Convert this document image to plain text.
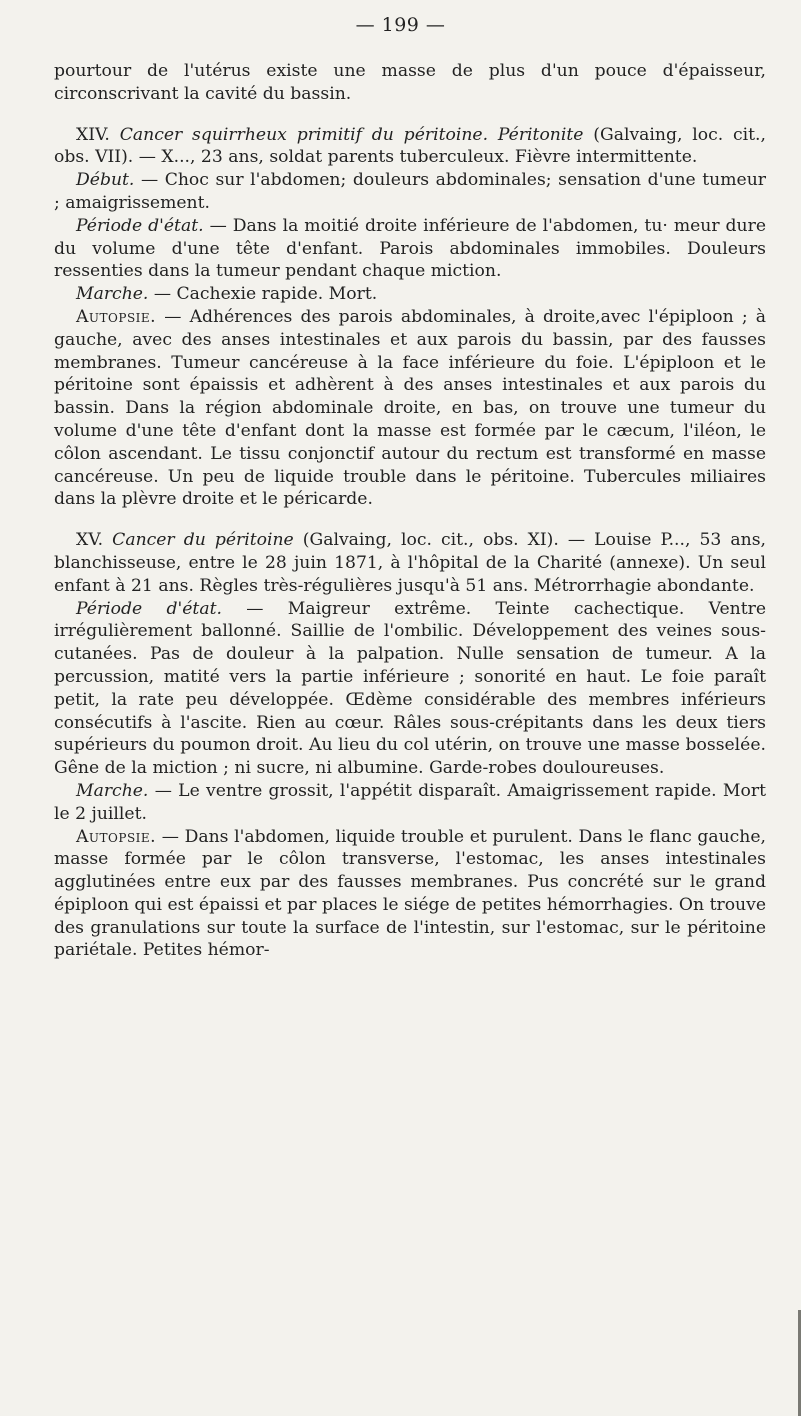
— 199 —

pourtour de l'utérus existe une masse de plus d'un pouce d'épaisseur, circonscrivant la cavité du bassin.

XIV. Cancer squirrheux primitif du péritoine. Péritonite (Galvaing, loc. cit., obs. VII). — X..., 23 ans, soldat parents tuberculeux. Fièvre intermittente.

Début. — Choc sur l'abdomen; douleurs abdominales; sensation d'une tumeur ; amaigrissement.

Période d'état. — Dans la moitié droite inférieure de l'abdomen, tu· meur dure du volume d'une tête d'enfant. Parois abdominales immobiles. Douleurs ressenties dans la tumeur pendant chaque miction.

Marche. — Cachexie rapide. Mort.

Autopsie. — Adhérences des parois abdominales, à droite,avec l'épiploon ; à gauche, avec des anses intestinales et aux parois du bassin, par des fausses membranes. Tumeur cancéreuse à la face inférieure du foie. L'épiploon et le péritoine sont épaissis et adhèrent à des anses intestinales et aux parois du bassin. Dans la région abdominale droite, en bas, on trouve une tumeur du volume d'une tête d'enfant dont la masse est formée par le cæcum, l'iléon, le côlon ascendant. Le tissu conjonctif autour du rectum est transformé en masse cancéreuse. Un peu de liquide trouble dans le péritoine. Tubercules miliaires dans la plèvre droite et le péricarde.

XV. Cancer du péritoine (Galvaing, loc. cit., obs. XI). — Louise P..., 53 ans, blanchisseuse, entre le 28 juin 1871, à l'hôpital de la Charité (annexe). Un seul enfant à 21 ans. Règles très-régulières jusqu'à 51 ans. Métrorrhagie abondante.

Période d'état. — Maigreur extrême. Teinte cachectique. Ventre irrégulièrement ballonné. Saillie de l'ombilic. Développement des veines sous-cutanées. Pas de douleur à la palpation. Nulle sensation de tumeur. A la percussion, matité vers la partie inférieure ; sonorité en haut. Le foie paraît petit, la rate peu développée. Œdème considérable des membres inférieurs consécutifs à l'ascite. Rien au cœur. Râles sous-crépitants dans les deux tiers supérieurs du poumon droit. Au lieu du col utérin, on trouve une masse bosselée. Gêne de la miction ; ni sucre, ni albumine. Garde-robes douloureuses.

Marche. — Le ventre grossit, l'appétit disparaît. Amaigrissement rapide. Mort le 2 juillet.

Autopsie. — Dans l'abdomen, liquide trouble et purulent. Dans le flanc gauche, masse formée par le côlon transverse, l'estomac, les anses intestinales agglutinées entre eux par des fausses membranes. Pus concrété sur le grand épiploon qui est épaissi et par places le siége de petites hémorrhagies. On trouve des granulations sur toute la surface de l'intestin, sur l'estomac, sur le péritoine pariétale. Petites hémor-
